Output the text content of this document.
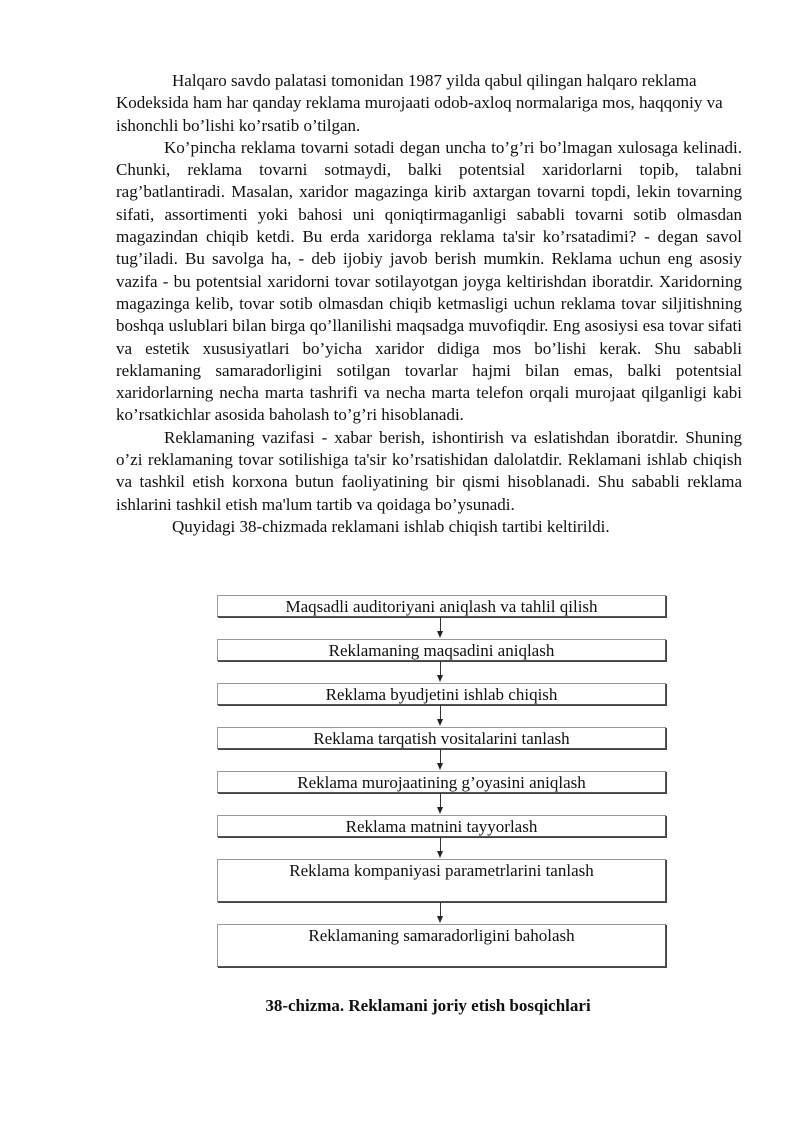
Halqaro savdo palatasi tomonidan 1987 yilda qabul qilingan halqaro reklama Kodeksida ham har qanday reklama murojaati odob-axloq normalariga mos, haqqoniy va ishonchli bo’lishi ko’rsatib o’tilgan.

Ko’pincha reklama tovarni sotadi degan uncha to’g’ri bo’lmagan xulosaga kelinadi. Chunki, reklama tovarni sotmaydi, balki potentsial xaridorlarni topib, talabni rag’batlantiradi. Masalan, xaridor magazinga kirib axtargan tovarni topdi, lekin tovarning sifati, assortimenti yoki bahosi uni qoniqtirmaganligi sababli tovarni sotib olmasdan magazindan chiqib ketdi. Bu erda xaridorga reklama ta'sir ko’rsatadimi? - degan savol tug’iladi. Bu savolga ha, - deb ijobiy javob berish mumkin. Reklama uchun eng asosiy vazifa - bu potentsial xaridorni tovar sotilayotgan joyga keltirishdan iboratdir. Xaridorning magazinga kelib, tovar sotib olmasdan chiqib ketmasligi uchun reklama tovar siljitishning boshqa uslublari bilan birga qo’llanilishi maqsadga muvofiqdir. Eng asosiysi esa tovar sifati va estetik xususiyatlari bo’yicha xaridor didiga mos bo’lishi kerak. Shu sababli reklamaning samaradorligini sotilgan tovarlar hajmi bilan emas, balki potentsial xaridorlarning necha marta tashrifi va necha marta telefon orqali murojaat qilganligi kabi ko’rsatkichlar asosida baholash to’g’ri hisoblanadi.

Reklamaning vazifasi - xabar berish, ishontirish va eslatishdan iboratdir. Shuning o’zi reklamaning tovar sotilishiga ta'sir ko’rsatishidan dalolatdir. Reklamani ishlab chiqish va tashkil etish korxona butun faoliyatining bir qismi hisoblanadi. Shu sababli reklama ishlarini tashkil etish ma'lum tartib va qoidaga bo’ysunadi.

Quyidagi 38-chizmada reklamani ishlab chiqish tartibi keltirildi.

Maqsadli auditoriyani aniqlash va tahlil qilish
Reklamaning maqsadini aniqlash
Reklama byudjetini ishlab chiqish
Reklama tarqatish vositalarini tanlash
Reklama murojaatining g’oyasini aniqlash
Reklama matnini tayyorlash
Reklama kompaniyasi parametrlarini tanlash
Reklamaning samaradorligini baholash
38-chizma. Reklamani joriy etish bosqichlari
